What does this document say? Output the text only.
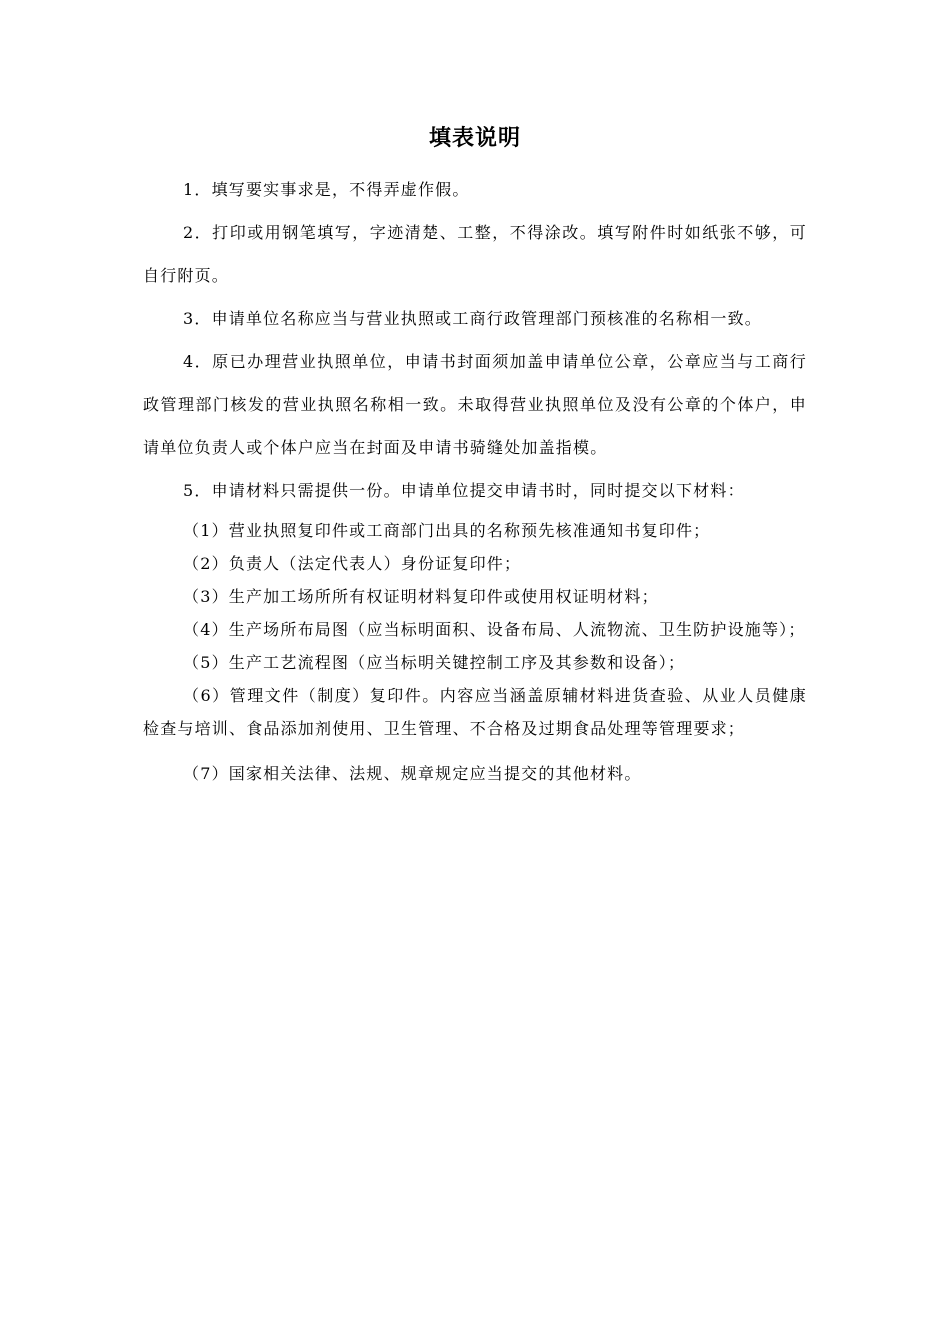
填表说明

1．填写要实事求是，不得弄虚作假。

2．打印或用钢笔填写，字迹清楚、工整，不得涂改。填写附件时如纸张不够，可自行附页。

3．申请单位名称应当与营业执照或工商行政管理部门预核准的名称相一致。

4．原已办理营业执照单位，申请书封面须加盖申请单位公章，公章应当与工商行政管理部门核发的营业执照名称相一致。未取得营业执照单位及没有公章的个体户，申请单位负责人或个体户应当在封面及申请书骑缝处加盖指模。

5．申请材料只需提供一份。申请单位提交申请书时，同时提交以下材料：

（1）营业执照复印件或工商部门出具的名称预先核准通知书复印件；

（2）负责人（法定代表人）身份证复印件；

（3）生产加工场所所有权证明材料复印件或使用权证明材料；

（4）生产场所布局图（应当标明面积、设备布局、人流物流、卫生防护设施等）；

（5）生产工艺流程图（应当标明关键控制工序及其参数和设备）；

（6）管理文件（制度）复印件。内容应当涵盖原辅材料进货查验、从业人员健康检查与培训、食品添加剂使用、卫生管理、不合格及过期食品处理等管理要求；

（7）国家相关法律、法规、规章规定应当提交的其他材料。
